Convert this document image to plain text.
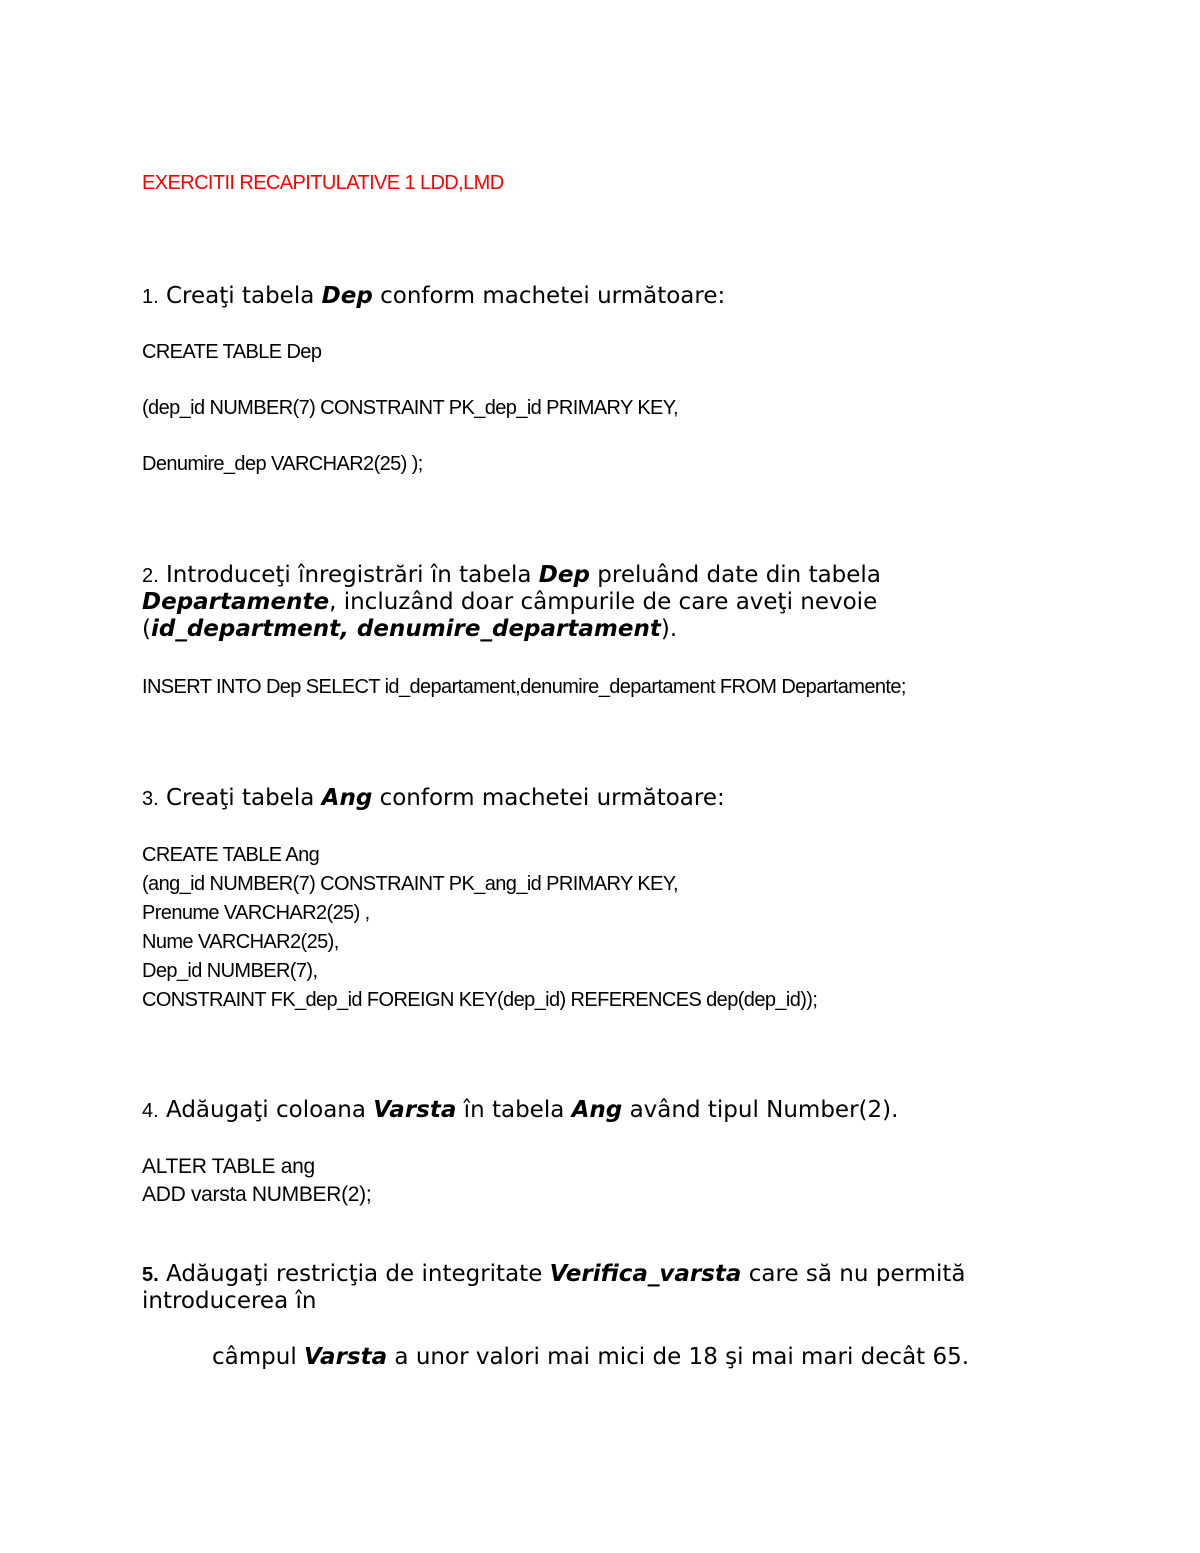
EXERCITII RECAPITULATIVE 1 LDD,LMD

1. Creaţi tabela Dep conform machetei următoare:

CREATE TABLE Dep

(dep_id NUMBER(7) CONSTRAINT PK_dep_id PRIMARY KEY,

Denumire_dep VARCHAR2(25) );

2. Introduceţi înregistrări în tabela Dep preluând date din tabela

Departamente, incluzând doar câmpurile de care aveţi nevoie

(id_department, denumire_departament).

INSERT INTO Dep SELECT id_departament,denumire_departament FROM Departamente;

3. Creaţi tabela Ang conform machetei următoare:

CREATE TABLE Ang

(ang_id NUMBER(7) CONSTRAINT PK_ang_id PRIMARY KEY,

Prenume VARCHAR2(25) ,

Nume VARCHAR2(25),

Dep_id NUMBER(7),

CONSTRAINT FK_dep_id FOREIGN KEY(dep_id) REFERENCES dep(dep_id));

4. Adăugaţi coloana Varsta în tabela Ang având tipul Number(2).

ALTER TABLE ang

ADD varsta NUMBER(2);

5. Adăugaţi restricţia de integritate Verifica_varsta care să nu permită

introducerea în

câmpul Varsta a unor valori mai mici de 18 şi mai mari decât 65.
